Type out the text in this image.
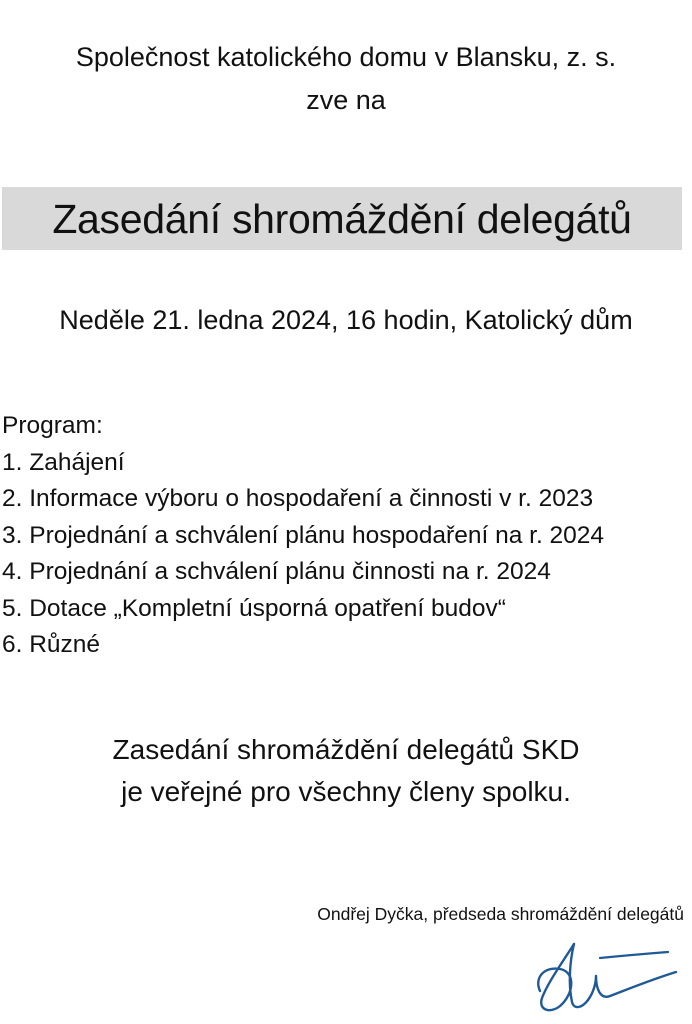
Společnost katolického domu v Blansku, z. s.
zve na
Zasedání shromáždění delegátů
Neděle 21. ledna 2024, 16 hodin, Katolický dům
Program:
1. Zahájení
2. Informace výboru o hospodaření a činnosti v r. 2023
3. Projednání a schválení plánu hospodaření na r. 2024
4. Projednání a schválení plánu činnosti na r. 2024
5. Dotace „Kompletní úsporná opatření budov“
6. Různé
Zasedání shromáždění delegátů SKD
je veřejné pro všechny členy spolku.
Ondřej Dyčka, předseda shromáždění delegátů
